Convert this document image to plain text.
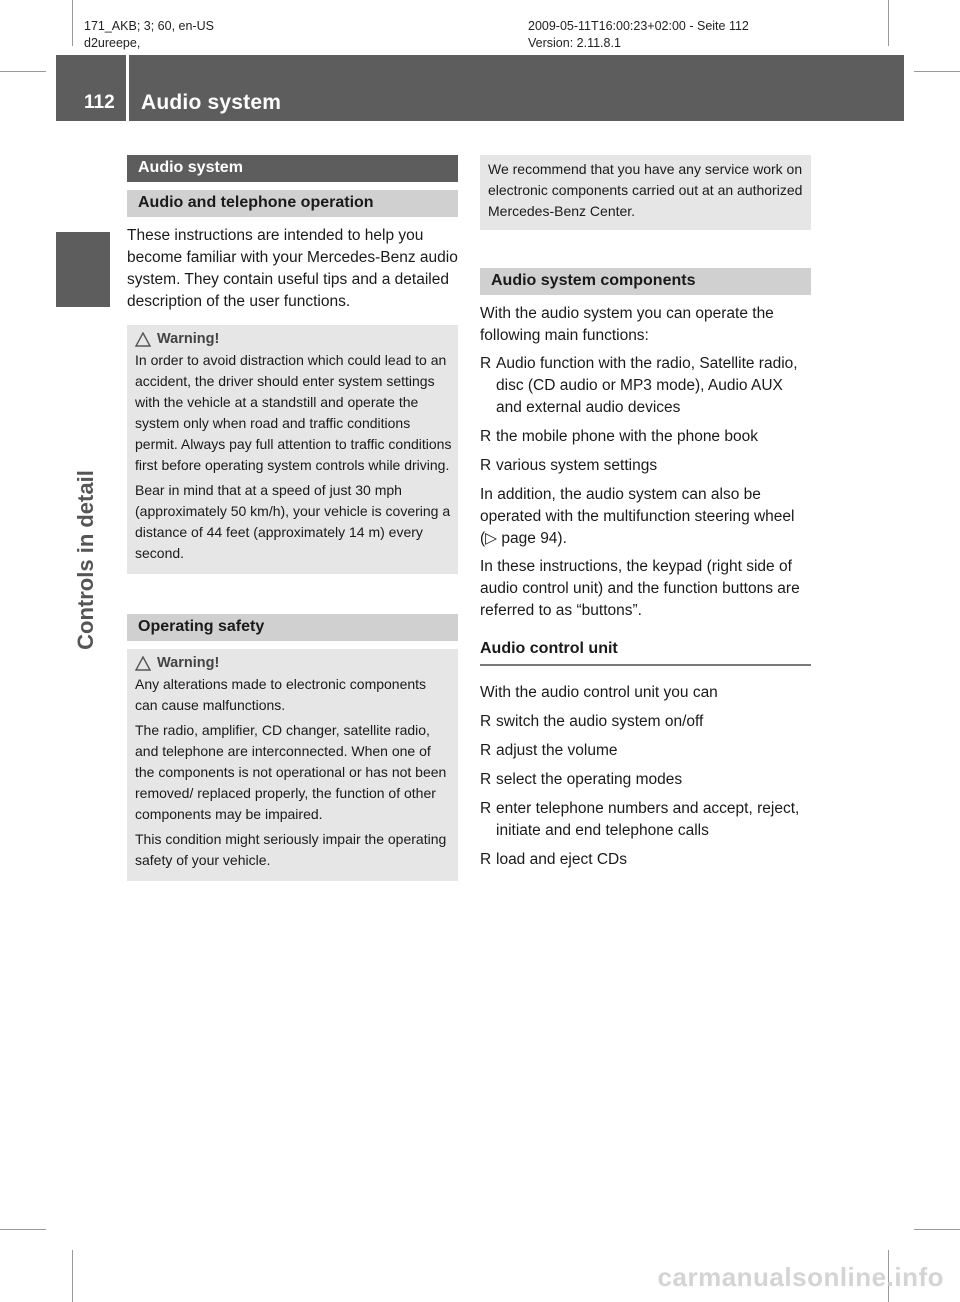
171_AKB; 3; 60, en-US
d2ureepe,
2009-05-11T16:00:23+02:00 - Seite 112
Version: 2.11.8.1
112	Audio system
Controls in detail
Audio system
Audio and telephone operation

These instructions are intended to help you become familiar with your Mercedes-Benz audio system. They contain useful tips and a detailed description of the user functions.

Warning!

In order to avoid distraction which could lead to an accident, the driver should enter system settings with the vehicle at a standstill and operate the system only when road and traffic conditions permit. Always pay full attention to traffic conditions first before operating system controls while driving.

Bear in mind that at a speed of just 30 mph (approximately 50 km/h), your vehicle is covering a distance of 44 feet (approximately 14 m) every second.

Operating safety
Warning!

Any alterations made to electronic components can cause malfunctions.

The radio, amplifier, CD changer, satellite radio, and telephone are interconnected. When one of the components is not operational or has not been removed/ replaced properly, the function of other components may be impaired.

This condition might seriously impair the operating safety of your vehicle.

We recommend that you have any service work on electronic components carried out at an authorized Mercedes-Benz Center.

Audio system components

With the audio system you can operate the following main functions:

R Audio function with the radio, Satellite radio, disc (CD audio or MP3 mode), Audio AUX and external audio devices
R the mobile phone with the phone book
R various system settings

In addition, the audio system can also be operated with the multifunction steering wheel (▷ page 94).

In these instructions, the keypad (right side of audio control unit) and the function buttons are referred to as “buttons”.

Audio control unit

With the audio control unit you can

R switch the audio system on/off
R adjust the volume
R select the operating modes
R enter telephone numbers and accept, reject, initiate and end telephone calls
R load and eject CDs
carmanualsonline.info
